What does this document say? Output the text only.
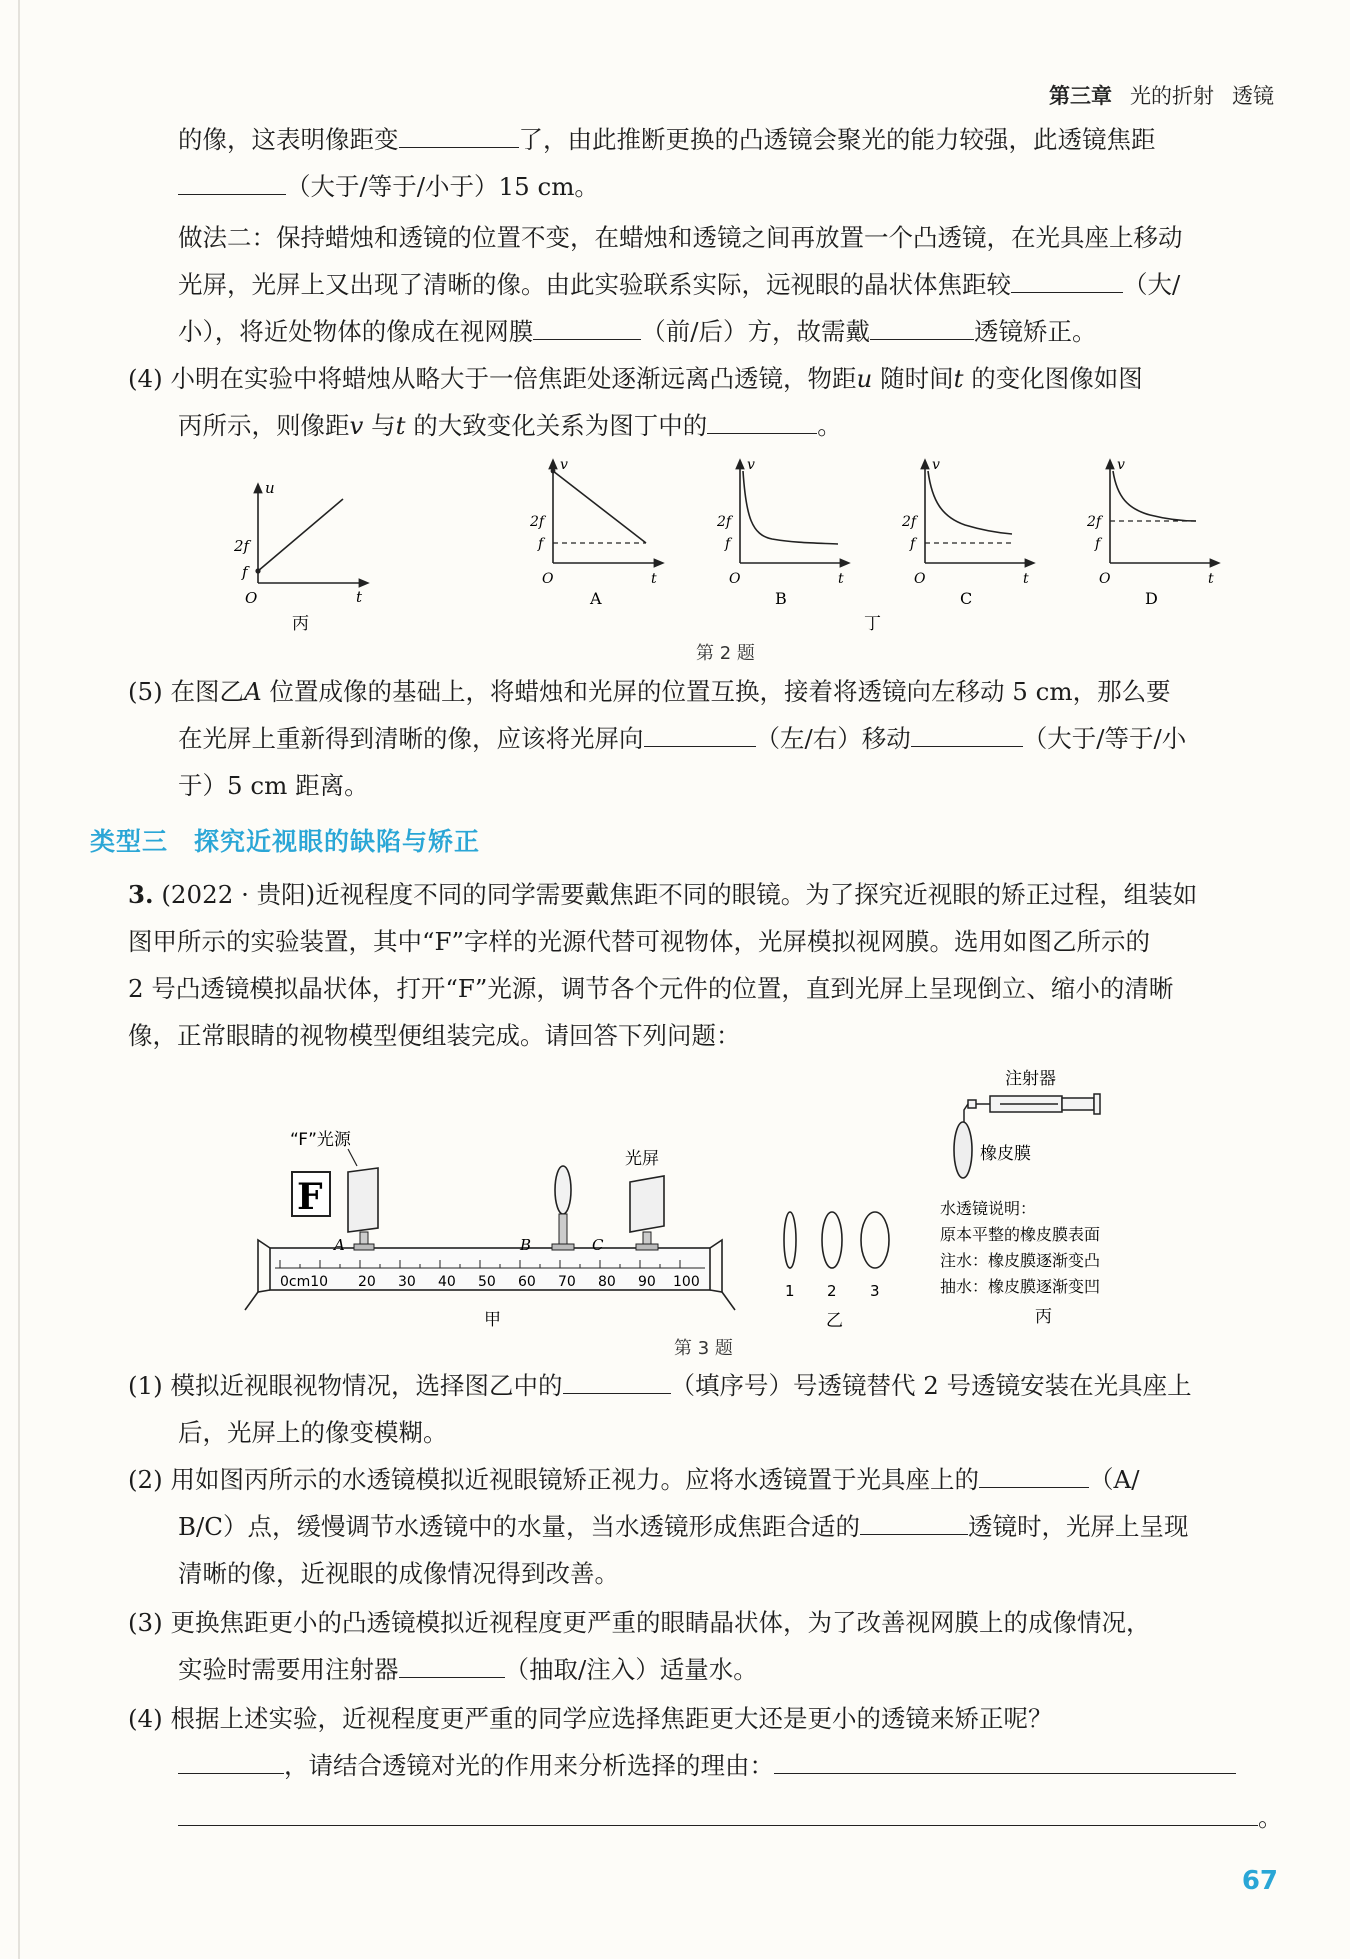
第三章 光的折射 透镜
的像，这表明像距变	了，由此推断更换的凸透镜会聚光的能力较强，此透镜焦距
（大于/等于/小于）15 cm。
做法二：保持蜡烛和透镜的位置不变，在蜡烛和透镜之间再放置一个凸透镜，在光具座上移动
光屏，光屏上又出现了清晰的像。由此实验联系实际，远视眼的晶状体焦距较	（大/
小），将近处物体的像成在视网膜	（前/后）方，故需戴	透镜矫正。
(4) 小明在实验中将蜡烛从略大于一倍焦距处逐渐远离凸透镜，物距u 随时间t 的变化图像如图
丙所示，则像距v 与t 的大致变化关系为图丁中的	。
u
t
O
2f
f
丙
v
t
O
2f
f
A
v
t
O
2f
f
B
v
t
O
2f
f
C
v
t
O
2f
f
D
丁
第 2 题
(5) 在图乙A 位置成像的基础上，将蜡烛和光屏的位置互换，接着将透镜向左移动 5 cm，那么要
在光屏上重新得到清晰的像，应该将光屏向	（左/右）移动	（大于/等于/小
于）5 cm 距离。
类型三 探究近视眼的缺陷与矫正
3. (2022 · 贵阳)近视程度不同的同学需要戴焦距不同的眼镜。为了探究近视眼的矫正过程，组装如
图甲所示的实验装置，其中“F”字样的光源代替可视物体，光屏模拟视网膜。选用如图乙所示的
2 号凸透镜模拟晶状体，打开“F”光源，调节各个元件的位置，直到光屏上呈现倒立、缩小的清晰
像，正常眼睛的视物模型便组装完成。请回答下列问题：
0cm10 20 30 40 50 60 70 80 90 100
F
“F”光源
光屏
A	B	C
甲
1 2 3
乙
注射器
橡皮膜
水透镜说明：
原本平整的橡皮膜表面
注水：橡皮膜逐渐变凸
抽水：橡皮膜逐渐变凹
丙
第 3 题
(1) 模拟近视眼视物情况，选择图乙中的	（填序号）号透镜替代 2 号透镜安装在光具座上
后，光屏上的像变模糊。
(2) 用如图丙所示的水透镜模拟近视眼镜矫正视力。应将水透镜置于光具座上的	（A/
B/C）点，缓慢调节水透镜中的水量，当水透镜形成焦距合适的	透镜时，光屏上呈现
清晰的像，近视眼的成像情况得到改善。
(3) 更换焦距更小的凸透镜模拟近视程度更严重的眼睛晶状体，为了改善视网膜上的成像情况，
实验时需要用注射器	（抽取/注入）适量水。
(4) 根据上述实验，近视程度更严重的同学应选择焦距更大还是更小的透镜来矫正呢？
，请结合透镜对光的作用来分析选择的理由：
。
67
